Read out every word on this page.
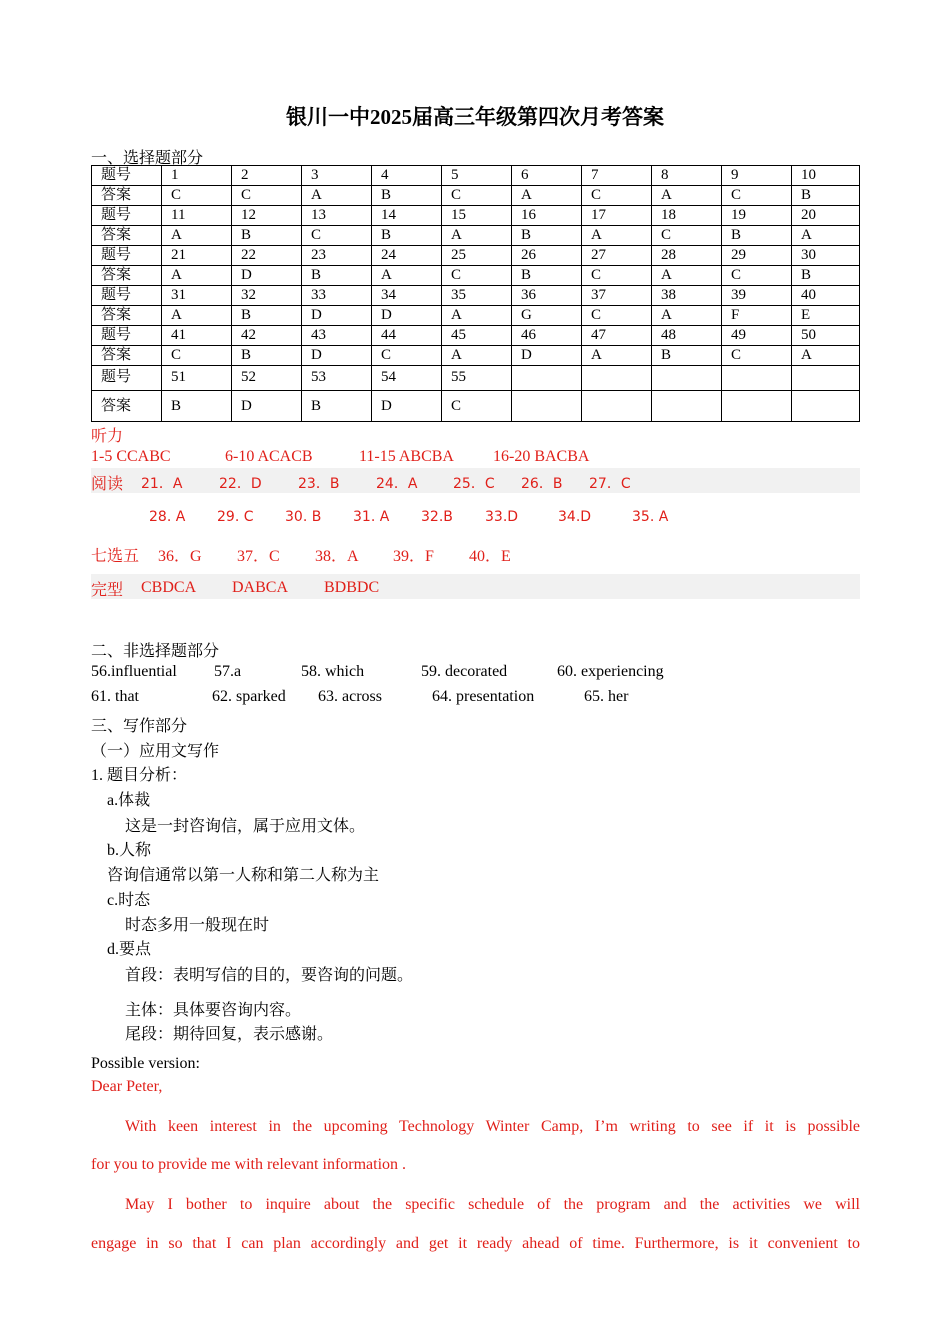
银川一中2025届高三年级第四次月考答案
一、选择题部分
题号	1	2	3	4	5	6	7	8	9	10
答案	C	C	A	B	C	A	C	A	C	B
题号	11	12	13	14	15	16	17	18	19	20
答案	A	B	C	B	A	B	A	C	B	A
题号	21	22	23	24	25	26	27	28	29	30
答案	A	D	B	A	C	B	C	A	C	B
题号	31	32	33	34	35	36	37	38	39	40
答案	A	B	D	D	A	G	C	A	F	E
题号	41	42	43	44	45	46	47	48	49	50
答案	C	B	D	C	A	D	A	B	C	A
题号	51	52	53	54	55					
答案	B	D	B	D	C					
听力
1-5 CCABC	6-10 ACACB	11-15 ABCBA 16-20 BACBA
阅读 21．A	22．D	23．B	24．A	25．C 26．B 27．C
28. A 29. C 30. B 31. A 32.B 33.D	34.D	35. A
七选五 36．G 37．C 38．A 39．F 40．E
完型 CBDCA DABCA BDBDC
二、非选择题部分
56.influential 57.a	58. which	59. decorated	60. experiencing
61. that	62. sparked 63. across	64. presentation	65. her
三、写作部分
（一）应用文写作
1. 题目分析：
a.体裁
这是一封咨询信，属于应用文体。
b.人称
咨询信通常以第一人称和第二人称为主
c.时态
时态多用一般现在时
d.要点
首段：表明写信的目的，要咨询的问题。
主体：具体要咨询内容。
尾段：期待回复，表示感谢。
Possible version:
Dear Peter,
With keen interest in the upcoming Technology Winter Camp, I’m writing to see if it is possible
for you to provide me with relevant information .
May I bother to inquire about the specific schedule of the program and the activities we will
engage in so that I can plan accordingly and get it ready ahead of time. Furthermore, is it convenient to
